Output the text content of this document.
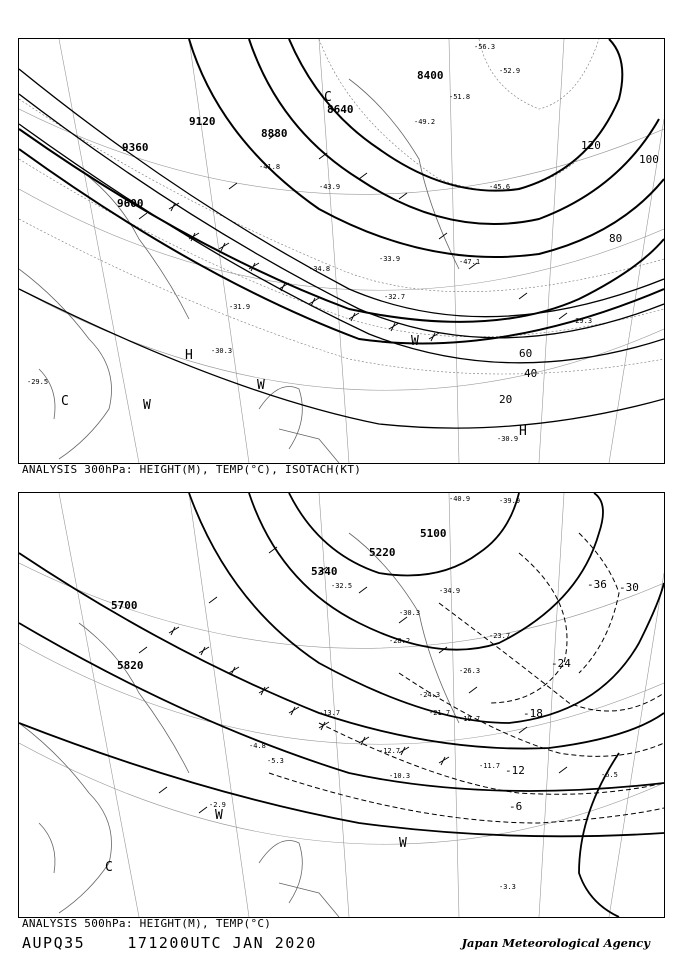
8400
8640
8880
9120
9360
9600
20
40
60
80
100
120
C
C
H
H
W
W
W
-56.3
-52.9
-51.8
-49.2
-47.1
-45.6
-43.9
-41.8
-34.8
-33.9
-32.7
-31.9
-30.3
-29.3
-29.5
-30.9
ANALYSIS 300hPa: HEIGHT(M), TEMP(°C), ISOTACH(KT)
5100
5220
5340
5700
5820
-36 -30
-24
-18
-12
-6
C
W
W
-40.9	-39.9
-34.9
-32.5
-30.3
-28.2
-26.3
-24.3
-23.7
-21.7
-19.7
-13.7
-12.7
-11.7
-10.3	-6.5
-5.3
-4.8
-3.3
-2.9
ANALYSIS 500hPa: HEIGHT(M), TEMP(°C)
AUPQ35	171200UTC JAN 2020	Japan Meteorological Agency
